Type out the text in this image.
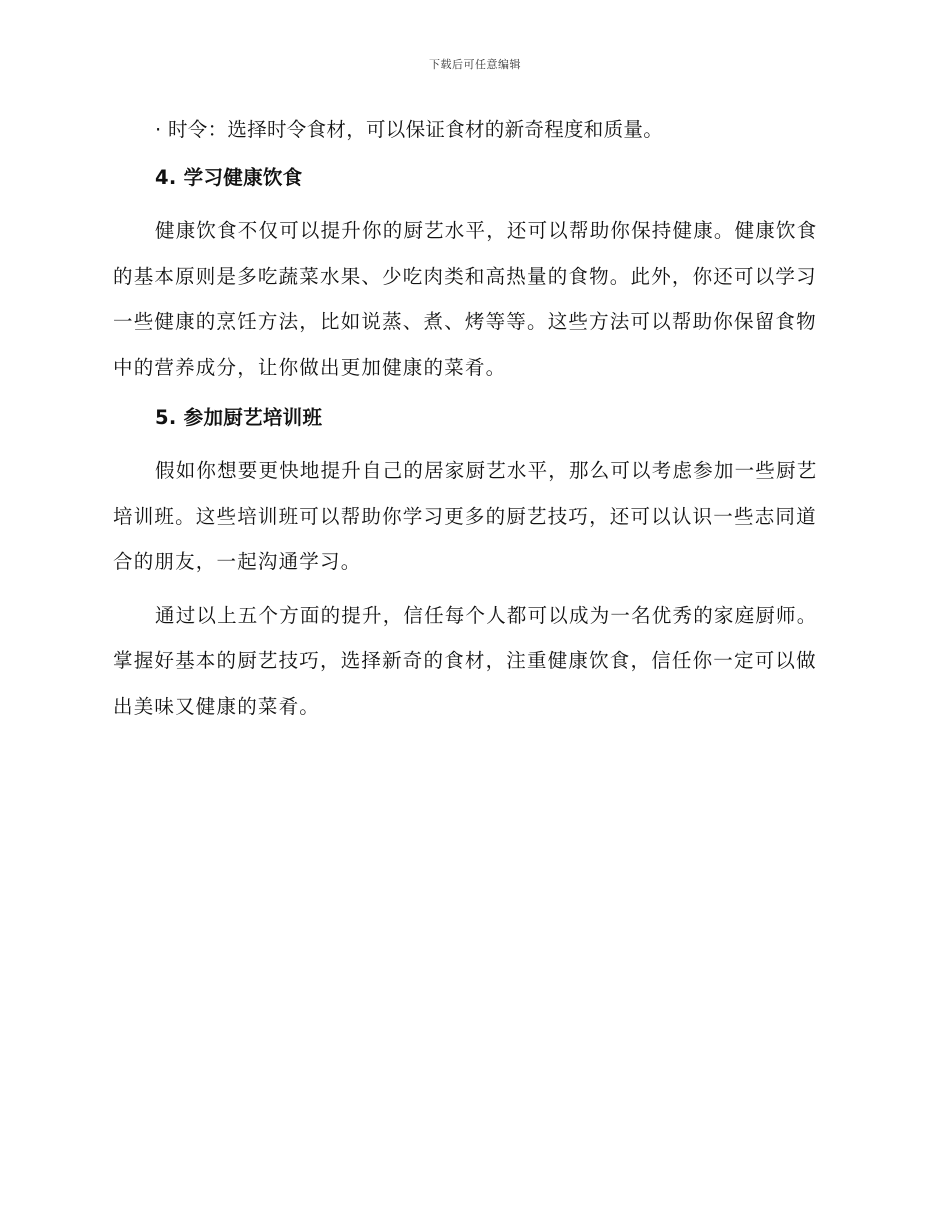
下载后可任意编辑

· 时令：选择时令食材，可以保证食材的新奇程度和质量。

4. 学习健康饮食

健康饮食不仅可以提升你的厨艺水平，还可以帮助你保持健康。健康饮食的基本原则是多吃蔬菜水果、少吃肉类和高热量的食物。此外，你还可以学习一些健康的烹饪方法，比如说蒸、煮、烤等等。这些方法可以帮助你保留食物中的营养成分，让你做出更加健康的菜肴。

5. 参加厨艺培训班

假如你想要更快地提升自己的居家厨艺水平，那么可以考虑参加一些厨艺培训班。这些培训班可以帮助你学习更多的厨艺技巧，还可以认识一些志同道合的朋友，一起沟通学习。

通过以上五个方面的提升，信任每个人都可以成为一名优秀的家庭厨师。掌握好基本的厨艺技巧，选择新奇的食材，注重健康饮食，信任你一定可以做出美味又健康的菜肴。
